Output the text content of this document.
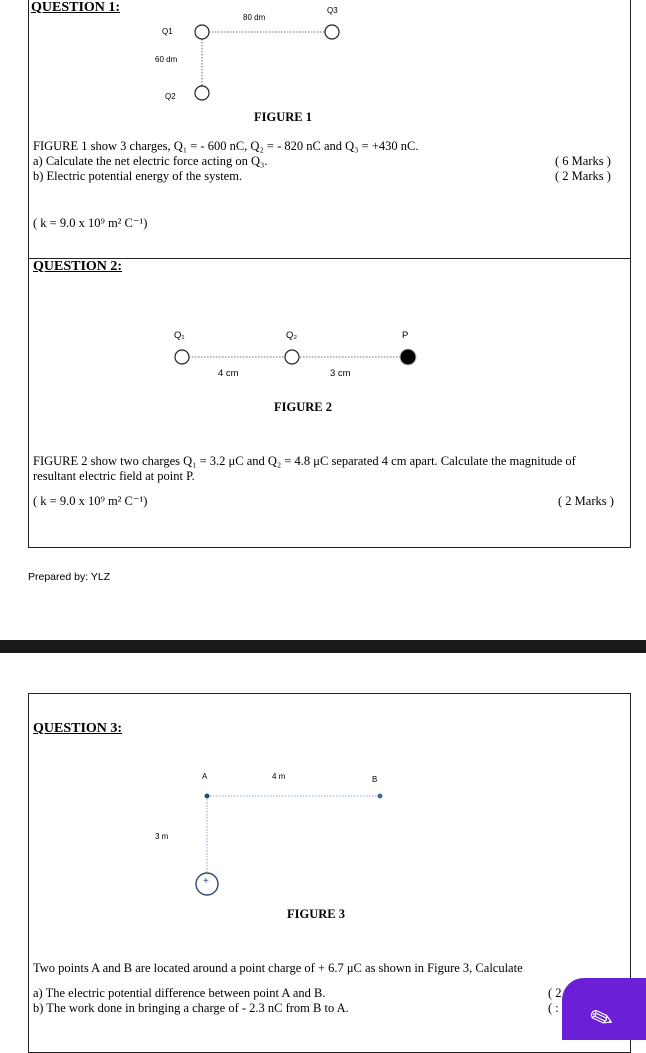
QUESTION 1:
Q1
Q3
Q2
80 dm
60 dm
FIGURE 1
FIGURE 1 show 3 charges, Q₁ = - 600 nC, Q₂ = - 820 nC and Q₃ = +430 nC.
a) Calculate the net electric force acting on Q₃.	( 6 Marks )
b) Electric potential energy of the system.	( 2 Marks )
( k = 9.0 x 10⁹ m² C⁻¹)
QUESTION 2:
Q₁	Q₂	P
4 cm	3 cm
FIGURE 2
FIGURE 2 show two charges Q₁ = 3.2 μC and Q₂ = 4.8 μC separated 4 cm apart. Calculate the magnitude of
resultant electric field at point P.
( k = 9.0 x 10⁹ m² C⁻¹)	( 2 Marks )
Prepared by: YLZ
QUESTION 3:
+
A	B
4 m
3 m
FIGURE 3
Two points A and B are located around a point charge of + 6.7 μC as shown in Figure 3, Calculate
a) The electric potential difference between point A and B.	( 2
b) The work done in bringing a charge of - 2.3 nC from B to A.	( : ✎
